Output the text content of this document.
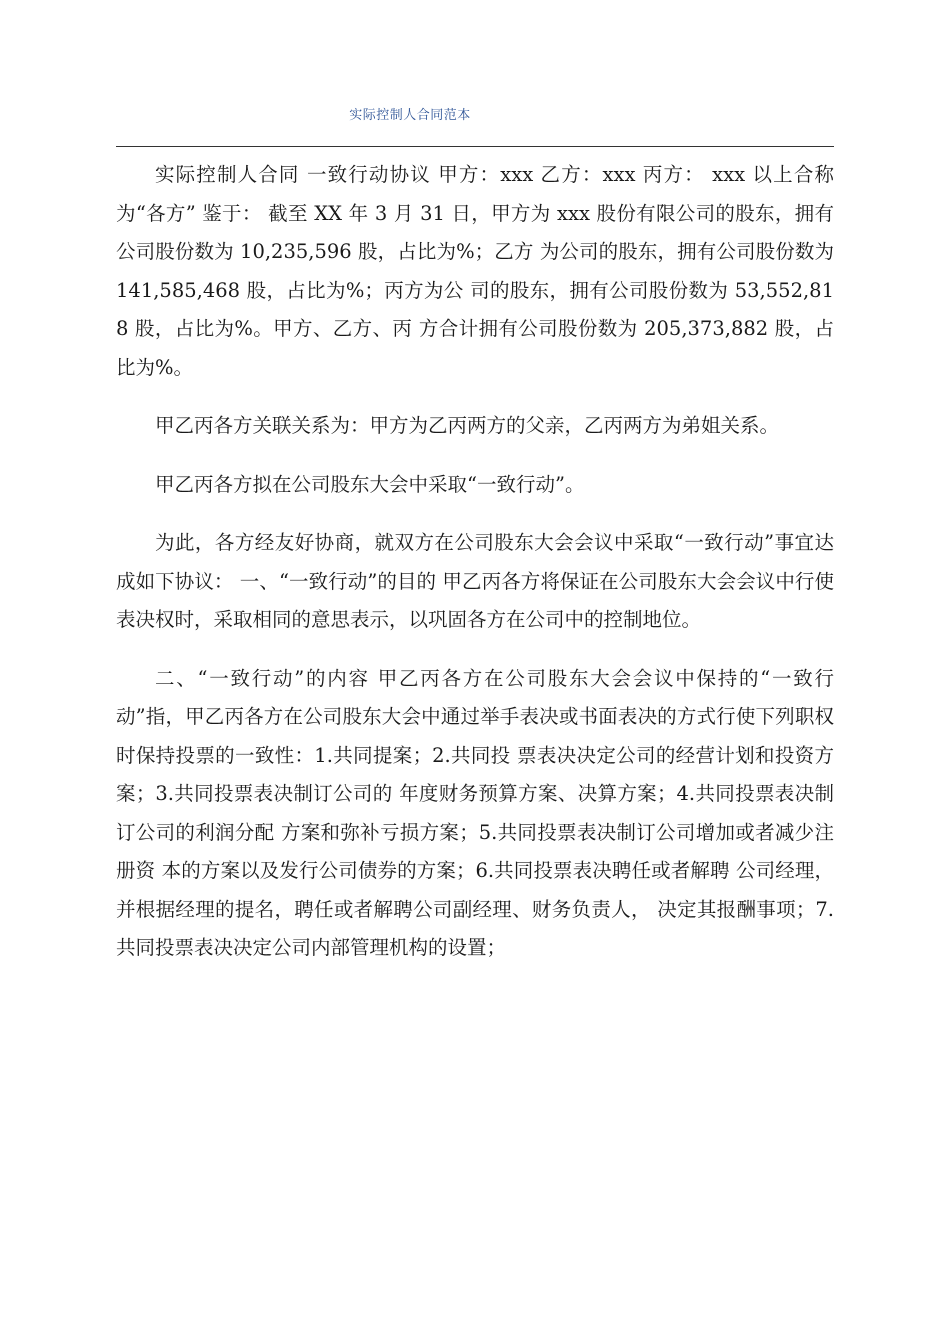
实际控制人合同范本

实际控制人合同 一致行动协议 甲方：xxx 乙方：xxx 丙方： xxx 以上合称为“各方” 鉴于： 截至 XX 年 3 月 31 日，甲方为 xxx 股份有限公司的股东，拥有公司股份数为 10,235,596 股，占比为%；乙方 为公司的股东，拥有公司股份数为 141,585,468 股，占比为%；丙方为公 司的股东，拥有公司股份数为 53,552,818 股，占比为%。甲方、乙方、丙 方合计拥有公司股份数为 205,373,882 股，占比为%。

甲乙丙各方关联关系为：甲方为乙丙两方的父亲，乙丙两方为弟姐关系。

甲乙丙各方拟在公司股东大会中采取“一致行动”。

为此，各方经友好协商，就双方在公司股东大会会议中采取“一致行动”事宜达成如下协议： 一、“一致行动”的目的 甲乙丙各方将保证在公司股东大会会议中行使表决权时，采取相同的意思表示，以巩固各方在公司中的控制地位。

二、“一致行动”的内容 甲乙丙各方在公司股东大会会议中保持的“一致行动”指，甲乙丙各方在公司股东大会中通过举手表决或书面表决的方式行使下列职权时保持投票的一致性：1.共同提案；2.共同投 票表决决定公司的经营计划和投资方案；3.共同投票表决制订公司的 年度财务预算方案、决算方案；4.共同投票表决制订公司的利润分配 方案和弥补亏损方案；5.共同投票表决制订公司增加或者减少注册资 本的方案以及发行公司债券的方案；6.共同投票表决聘任或者解聘 公司经理，并根据经理的提名，聘任或者解聘公司副经理、财务负责人， 决定其报酬事项；7.共同投票表决决定公司内部管理机构的设置；
